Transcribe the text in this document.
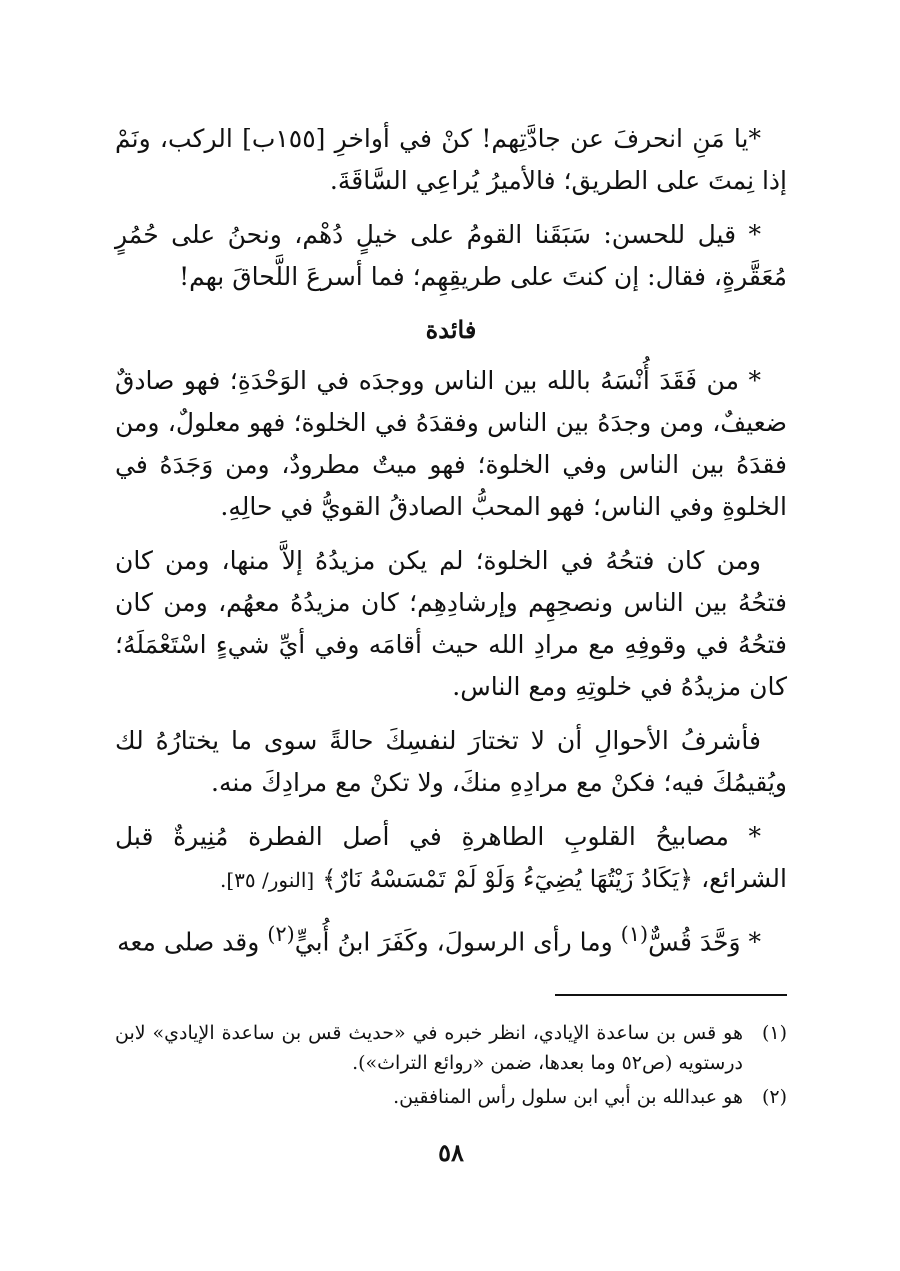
*يا مَنِ انحرفَ عن جادَّتِهم! كنْ في أواخرِ [١٥٥ب] الركب، ونَمْ إذا نِمتَ على الطريق؛ فالأميرُ يُراعِي السَّاقَةَ.

* قيل للحسن: سَبَقَنا القومُ على خيلٍ دُهْم، ونحنُ على حُمُرٍ مُعَقَّرةٍ، فقال: إن كنتَ على طريقِهِم؛ فما أسرعَ اللَّحاقَ بهم!

فائدة

* من فَقَدَ أُنْسَهُ بالله بين الناس ووجدَه في الوَحْدَةِ؛ فهو صادقٌ ضعيفٌ، ومن وجدَهُ بين الناس وفقدَهُ في الخلوة؛ فهو معلولٌ، ومن فقدَهُ بين الناس وفي الخلوة؛ فهو ميتٌ مطرودٌ، ومن وَجَدَهُ في الخلوةِ وفي الناس؛ فهو المحبُّ الصادقُ القويُّ في حالِهِ.

ومن كان فتحُهُ في الخلوة؛ لم يكن مزيدُهُ إلاَّ منها، ومن كان فتحُهُ بين الناس ونصحِهِم وإرشادِهِم؛ كان مزيدُهُ معهُم، ومن كان فتحُهُ في وقوفِهِ مع مرادِ الله حيث أقامَه وفي أيِّ شيءٍ اسْتَعْمَلَهُ؛ كان مزيدُهُ في خلوتِهِ ومع الناس.

فأشرفُ الأحوالِ أن لا تختارَ لنفسِكَ حالةً سوى ما يختارُهُ لك ويُقيمُكَ فيه؛ فكنْ مع مرادِهِ منكَ، ولا تكنْ مع مرادِكَ منه.

* مصابيحُ القلوبِ الطاهرةِ في أصل الفطرة مُنِيرةٌ قبل الشرائع، ﴿يَكَادُ زَيْتُهَا يُضِيٓءُ وَلَوْ لَمْ تَمْسَسْهُ نَارٌ﴾ [النور/ ٣٥].

* وَحَّدَ قُسٌّ$^{(١)}$ وما رأى الرسولَ، وكَفَرَ ابنُ أُبيٍّ$^{(٢)}$ وقد صلى معه

(١)
هو قس بن ساعدة الإيادي، انظر خبره في «حديث قس بن ساعدة الإيادي» لابن درستويه (ص٥٢ وما بعدها، ضمن «روائع التراث»).
(٢)
هو عبدالله بن أبي ابن سلول رأس المنافقين.
٥٨
